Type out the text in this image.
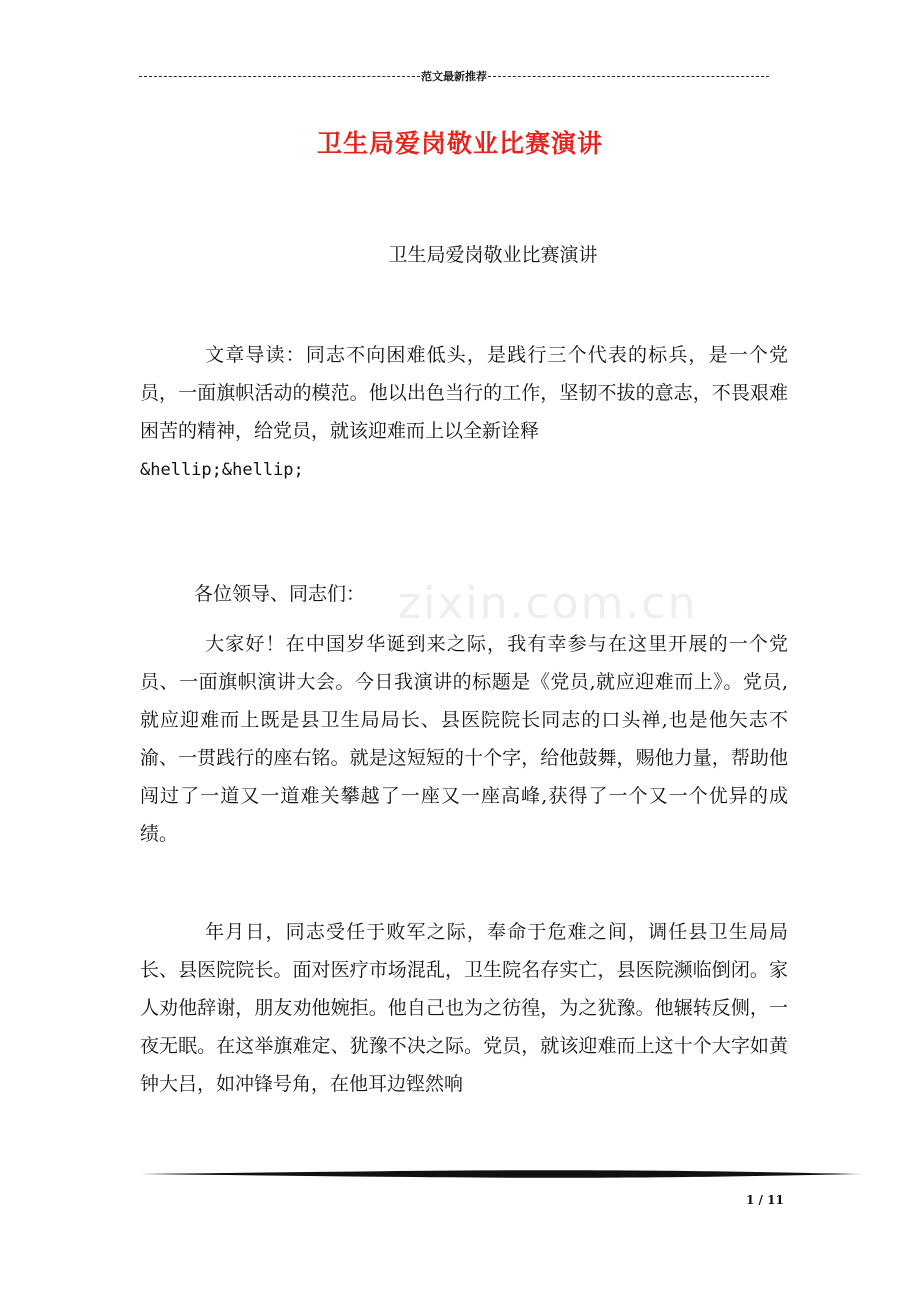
范文最新推荐
zixin.com.cn
卫生局爱岗敬业比赛演讲
卫生局爱岗敬业比赛演讲
文章导读：同志不向困难低头，是践行三个代表的标兵，是一个党员，一面旗帜活动的模范。他以出色当行的工作，坚韧不拔的意志，不畏艰难困苦的精神，给党员，就该迎难而上以全新诠释
&hellip;&hellip;
各位领导、同志们：
大家好！在中国岁华诞到来之际，我有幸参与在这里开展的一个党员、一面旗帜演讲大会。今日我演讲的标题是《党员,就应迎难而上》。党员,就应迎难而上既是县卫生局局长、县医院院长同志的口头禅,也是他矢志不渝、一贯践行的座右铭。就是这短短的十个字，给他鼓舞，赐他力量，帮助他闯过了一道又一道难关攀越了一座又一座高峰,获得了一个又一个优异的成绩。
年月日，同志受任于败军之际，奉命于危难之间，调任县卫生局局长、县医院院长。面对医疗市场混乱，卫生院名存实亡，县医院濒临倒闭。家人劝他辞谢，朋友劝他婉拒。他自己也为之彷徨，为之犹豫。他辗转反侧，一夜无眠。在这举旗难定、犹豫不决之际。党员，就该迎难而上这十个大字如黄钟大吕，如冲锋号角，在他耳边铿然响
1 / 11
